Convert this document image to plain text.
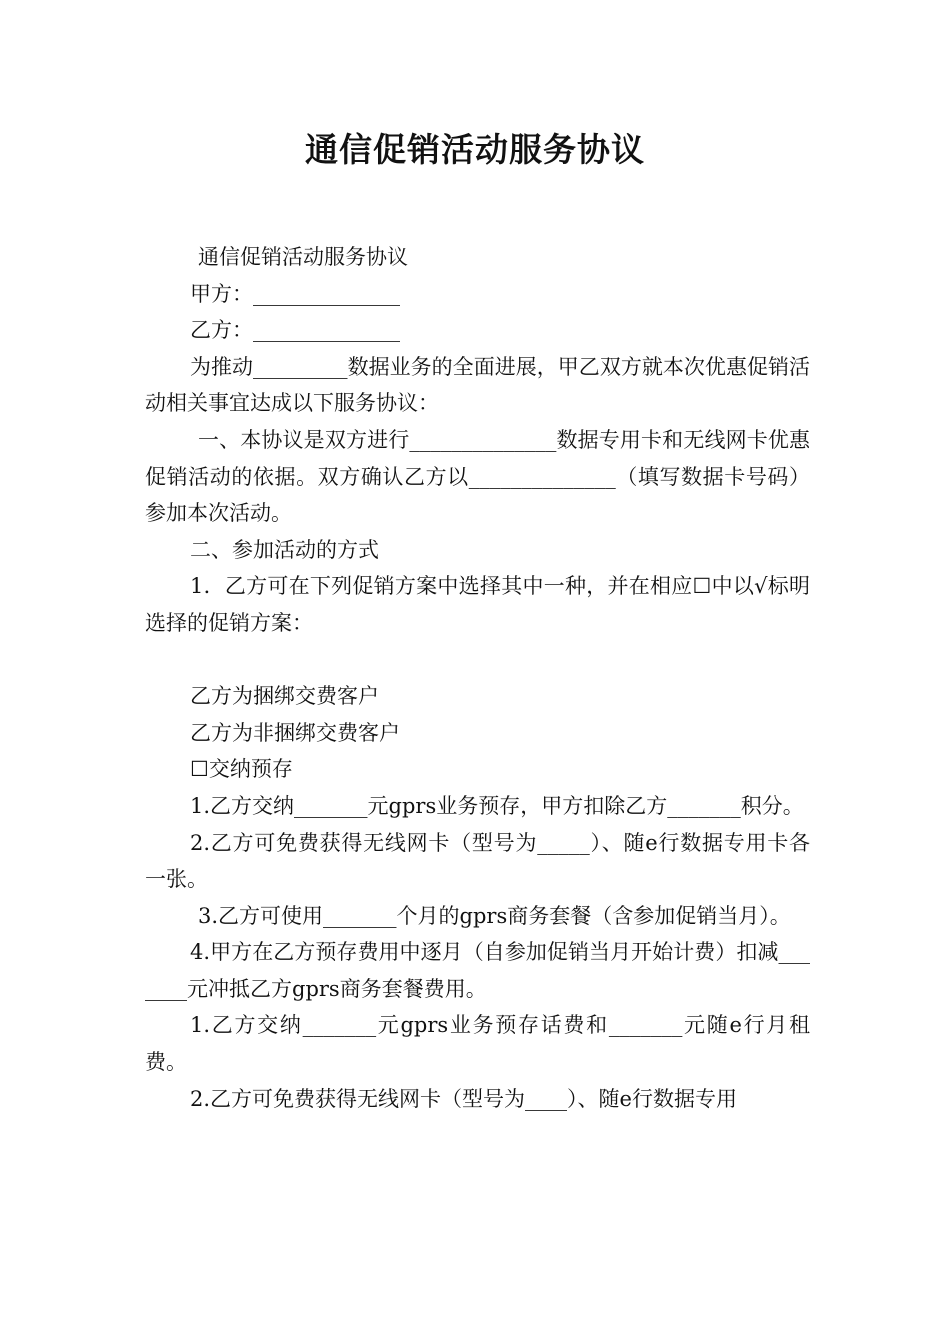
通信促销活动服务协议

通信促销活动服务协议

甲方：______________

乙方：______________

为推动_________数据业务的全面进展，甲乙双方就本次优惠促销活动相关事宜达成以下服务协议：

一、本协议是双方进行______________数据专用卡和无线网卡优惠促销活动的依据。双方确认乙方以______________（填写数据卡号码）参加本次活动。

二、参加活动的方式

1．乙方可在下列促销方案中选择其中一种，并在相应☐中以√标明选择的促销方案：

乙方为捆绑交费客户

乙方为非捆绑交费客户

☐交纳预存

1.乙方交纳_______元gprs业务预存，甲方扣除乙方_______积分。

2.乙方可免费获得无线网卡（型号为_____）、随e行数据专用卡各一张。

3.乙方可使用_______个月的gprs商务套餐（含参加促销当月）。

4.甲方在乙方预存费用中逐月（自参加促销当月开始计费）扣减_______元冲抵乙方gprs商务套餐费用。

1.乙方交纳_______元gprs业务预存话费和_______元随e行月租费。

2.乙方可免费获得无线网卡（型号为____）、随e行数据专用
